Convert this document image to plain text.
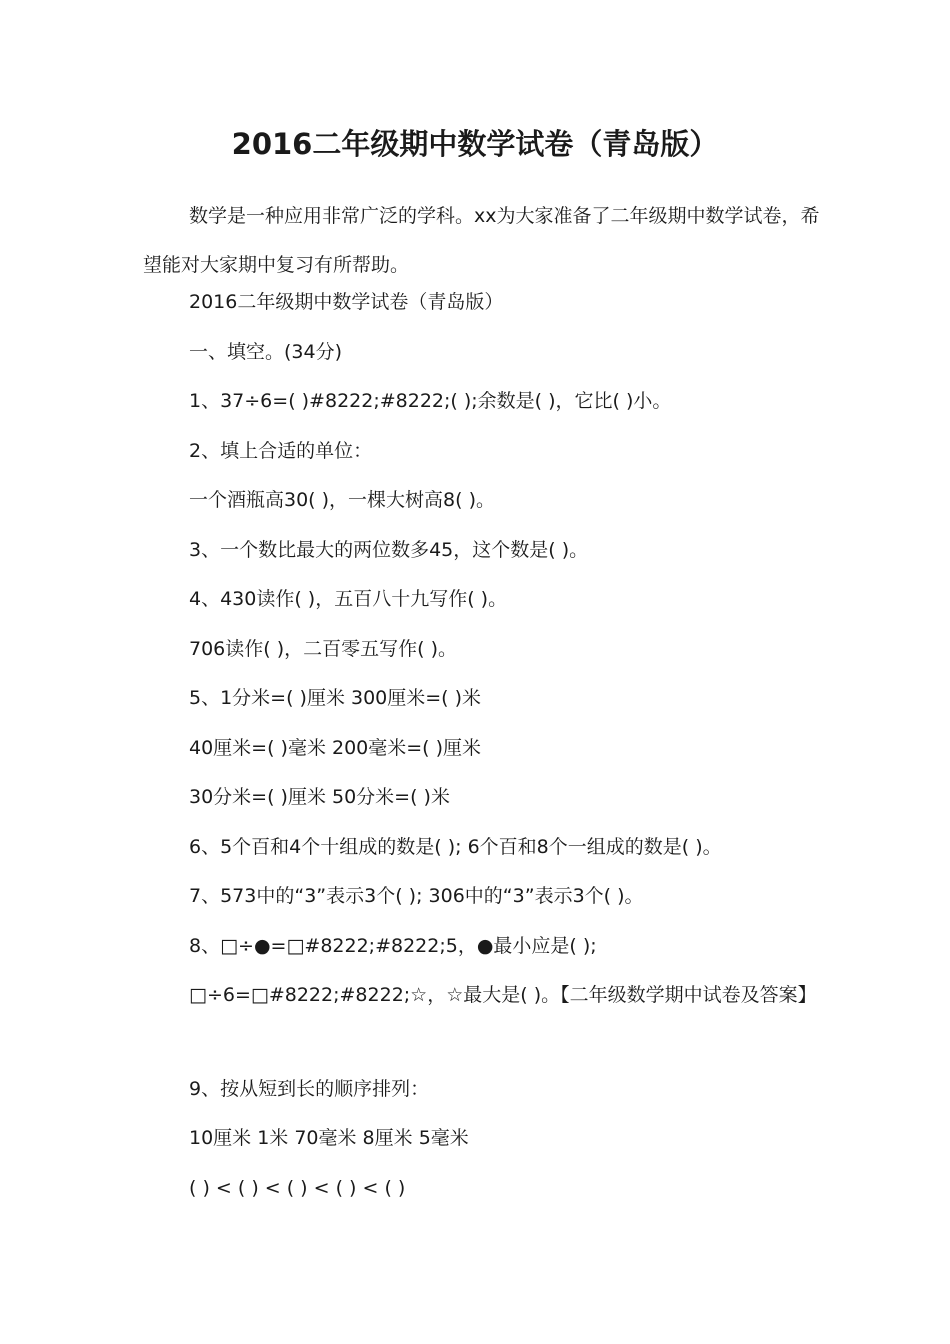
2016二年级期中数学试卷（青岛版）

数学是一种应用非常广泛的学科。xx为大家准备了二年级期中数学试卷，希望能对大家期中复习有所帮助。

2016二年级期中数学试卷（青岛版）
一、填空。(34分)
1、37÷6=( )#8222;#8222;( );余数是( )，它比( )小。
2、填上合适的单位：
一个酒瓶高30( )，一棵大树高8( )。
3、一个数比最大的两位数多45，这个数是( )。
4、430读作( )，五百八十九写作( )。
706读作( )，二百零五写作( )。
5、1分米=( )厘米 300厘米=( )米
40厘米=( )毫米 200毫米=( )厘米
30分米=( )厘米 50分米=( )米
6、5个百和4个十组成的数是( ); 6个百和8个一组成的数是( )。
7、573中的“3”表示3个( ); 306中的“3”表示3个( )。
8、□÷●=□#8222;#8222;5，●最小应是( );

□÷6=□#8222;#8222;☆，☆最大是( )。【二年级数学期中试卷及答案】

9、按从短到长的顺序排列：
10厘米 1米 70毫米 8厘米 5毫米
( ) < ( ) < ( ) < ( ) < ( )
